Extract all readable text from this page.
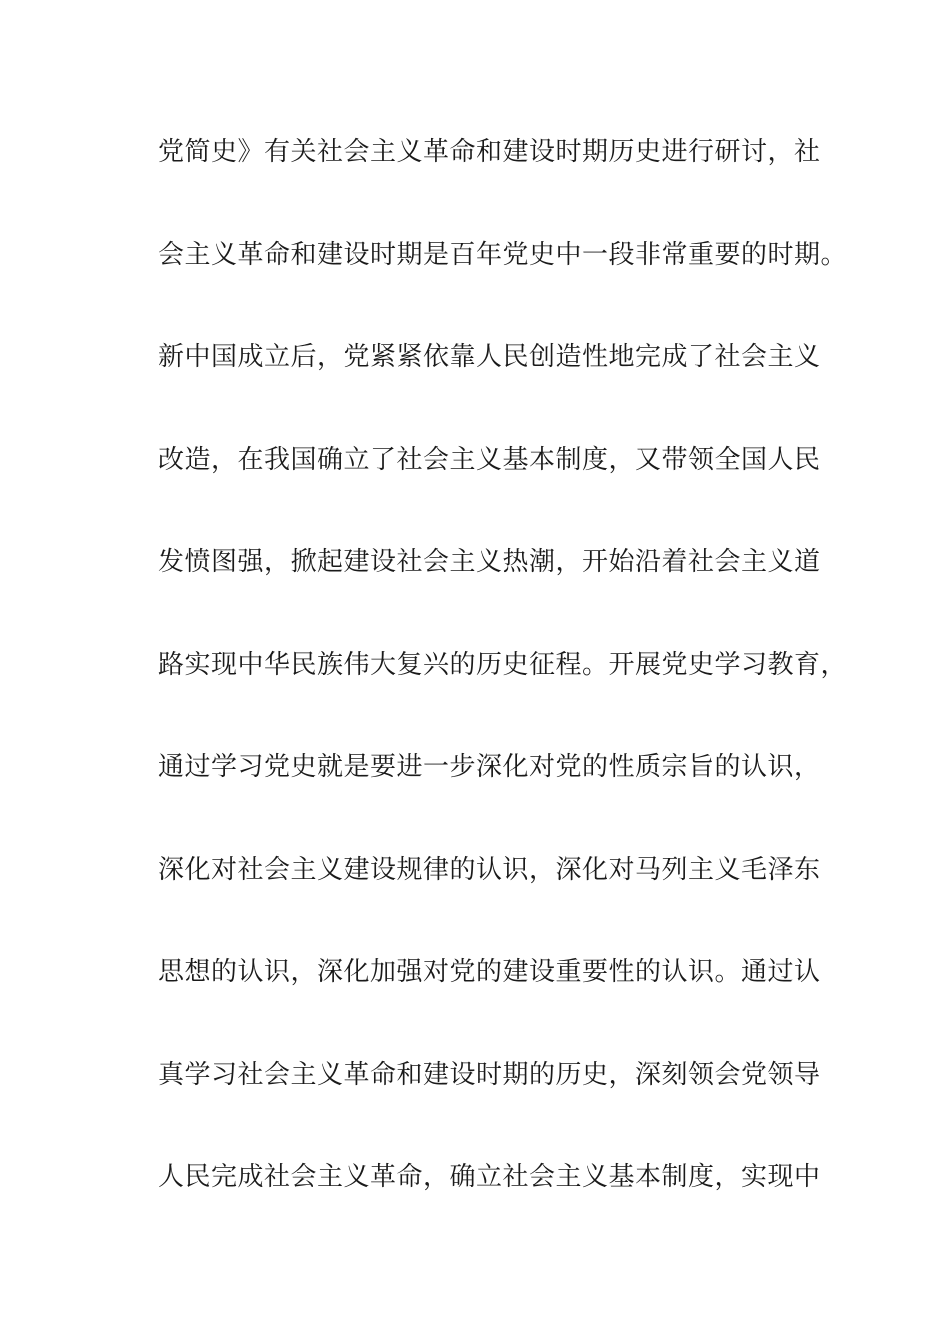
党简史》有关社会主义革命和建设时期历史进行研讨，社
会主义革命和建设时期是百年党史中一段非常重要的时期。
新中国成立后，党紧紧依靠人民创造性地完成了社会主义
改造，在我国确立了社会主义基本制度，又带领全国人民
发愤图强，掀起建设社会主义热潮，开始沿着社会主义道
路实现中华民族伟大复兴的历史征程。开展党史学习教育，
通过学习党史就是要进一步深化对党的性质宗旨的认识，
深化对社会主义建设规律的认识，深化对马列主义毛泽东
思想的认识，深化加强对党的建设重要性的认识。通过认
真学习社会主义革命和建设时期的历史，深刻领会党领导
人民完成社会主义革命，确立社会主义基本制度，实现中
